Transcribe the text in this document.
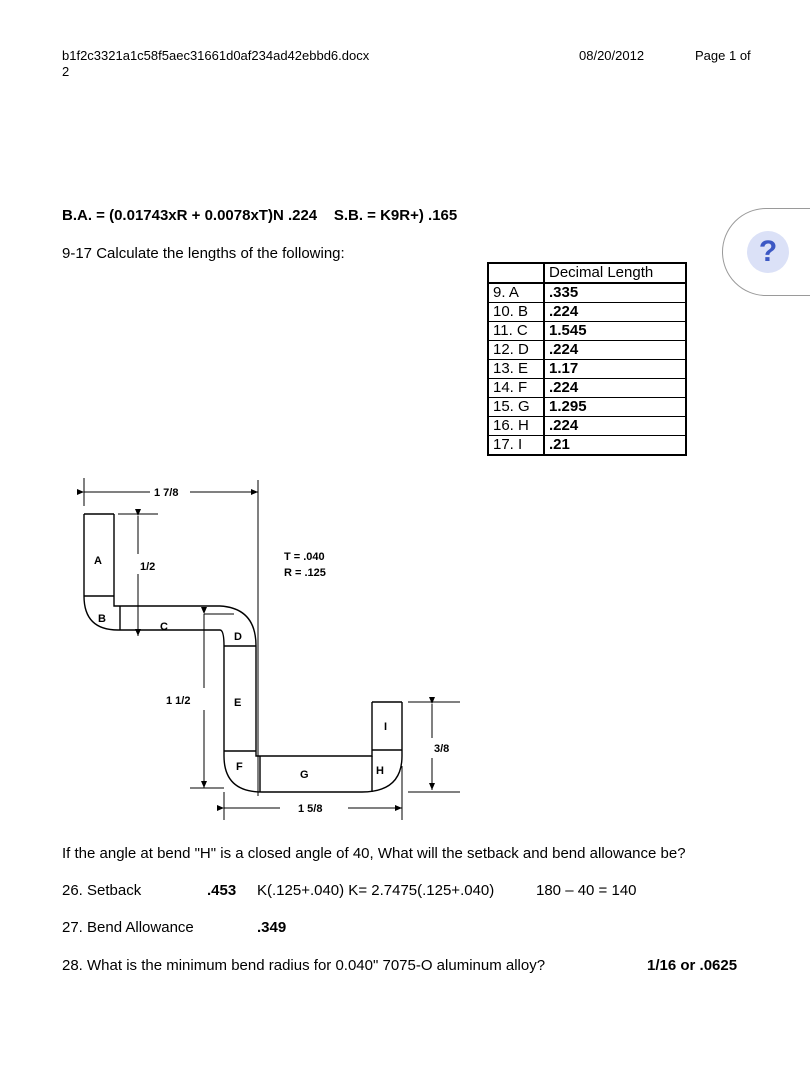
b1f2c3321a1c58f5aec31661d0af234ad42ebbd6.docx
2
08/20/2012	Page 1 of
?
B.A. = (0.01743xR + 0.0078xT)N .224    S.B. = K9R+) .165
9-17 Calculate the lengths of the following:
	Decimal Length
9. A	.335
10. B	.224
11. C	1.545
12. D	.224
13. E	1.17
14. F	.224
15. G	1.295
16. H	.224
17. I	.21
1 7/8
1/2
1 1/2
1 5/8
3/8
T = .040
R = .125
A
B
C
D
E
F
G	H
I
If the angle at bend "H" is a closed angle of 40, What will the setback and bend allowance be?
26. Setback	.453 K(.125+.040) K= 2.7475(.125+.040)	180 – 40 = 140
27. Bend Allowance	.349
28. What is the minimum bend radius for 0.040" 7075-O aluminum alloy?	1/16 or .0625
